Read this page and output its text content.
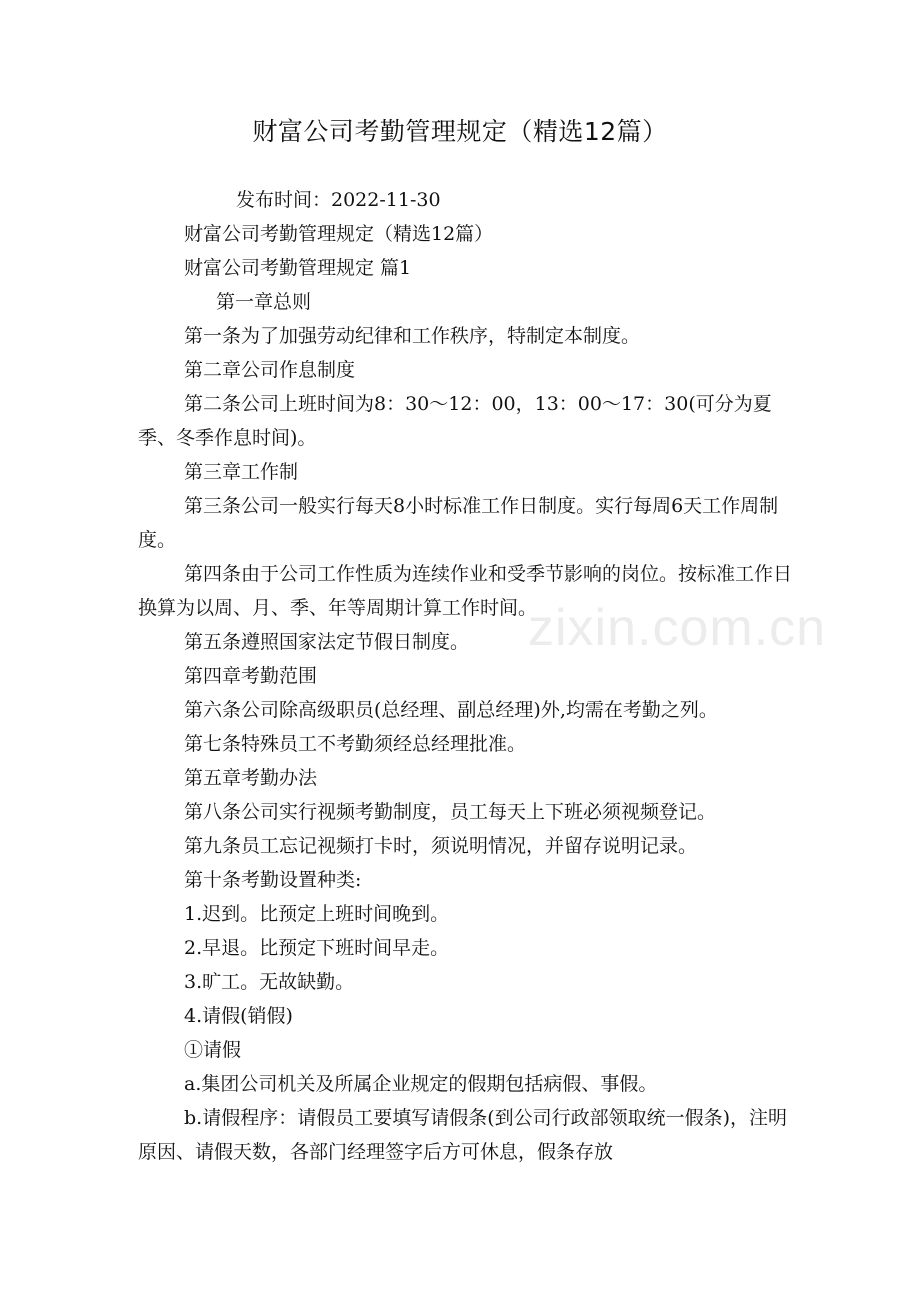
财富公司考勤管理规定（精选12篇）
zixin.com.cn

发布时间：2022-11-30

财富公司考勤管理规定（精选12篇）

财富公司考勤管理规定 篇1

第一章总则

第一条为了加强劳动纪律和工作秩序，特制定本制度。

第二章公司作息制度

第二条公司上班时间为8：30～12：00，13：00～17：30(可分为夏季、冬季作息时间)。

第三章工作制

第三条公司一般实行每天8小时标准工作日制度。实行每周6天工作周制度。

第四条由于公司工作性质为连续作业和受季节影响的岗位。按标准工作日换算为以周、月、季、年等周期计算工作时间。

第五条遵照国家法定节假日制度。

第四章考勤范围

第六条公司除高级职员(总经理、副总经理)外,均需在考勤之列。

第七条特殊员工不考勤须经总经理批准。

第五章考勤办法

第八条公司实行视频考勤制度，员工每天上下班必须视频登记。

第九条员工忘记视频打卡时，须说明情况，并留存说明记录。

第十条考勤设置种类:

1.迟到。比预定上班时间晚到。

2.早退。比预定下班时间早走。

3.旷工。无故缺勤。

4.请假(销假)

①请假

a.集团公司机关及所属企业规定的假期包括病假、事假。

b.请假程序：请假员工要填写请假条(到公司行政部领取统一假条)，注明原因、请假天数，各部门经理签字后方可休息，假条存放
